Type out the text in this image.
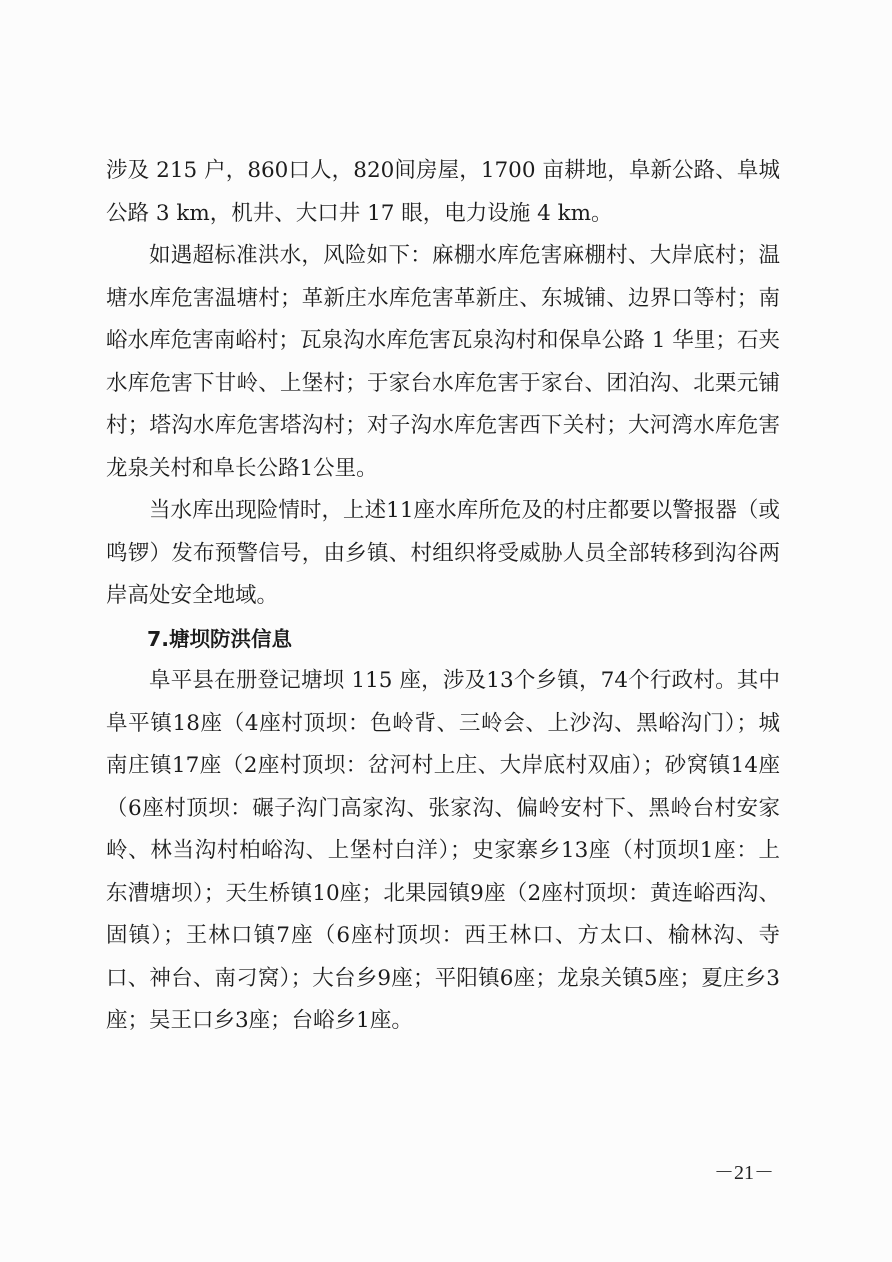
涉及 215 户，860口人，820间房屋，1700 亩耕地，阜新公路、阜城公路 3 km，机井、大口井 17 眼，电力设施 4 km。

如遇超标准洪水，风险如下：麻棚水库危害麻棚村、大岸底村；温塘水库危害温塘村；革新庄水库危害革新庄、东城铺、边界口等村；南峪水库危害南峪村；瓦泉沟水库危害瓦泉沟村和保阜公路 1 华里；石夹水库危害下甘岭、上堡村；于家台水库危害于家台、团泊沟、北栗元铺村；塔沟水库危害塔沟村；对子沟水库危害西下关村；大河湾水库危害龙泉关村和阜长公路1公里。

当水库出现险情时，上述11座水库所危及的村庄都要以警报器（或鸣锣）发布预警信号，由乡镇、村组织将受威胁人员全部转移到沟谷两岸高处安全地域。

7.塘坝防洪信息

阜平县在册登记塘坝 115 座，涉及13个乡镇，74个行政村。其中阜平镇18座（4座村顶坝：色岭背、三岭会、上沙沟、黑峪沟门）；城南庄镇17座（2座村顶坝：岔河村上庄、大岸底村双庙）；砂窝镇14座（6座村顶坝：碾子沟门高家沟、张家沟、偏岭安村下、黑岭台村安家岭、林当沟村柏峪沟、上堡村白洋）；史家寨乡13座（村顶坝1座：上东漕塘坝）；天生桥镇10座；北果园镇9座（2座村顶坝：黄连峪西沟、固镇）；王林口镇7座（6座村顶坝：西王林口、方太口、榆林沟、寺口、神台、南刁窝）；大台乡9座；平阳镇6座；龙泉关镇5座；夏庄乡3座；吴王口乡3座；台峪乡1座。

－21－
